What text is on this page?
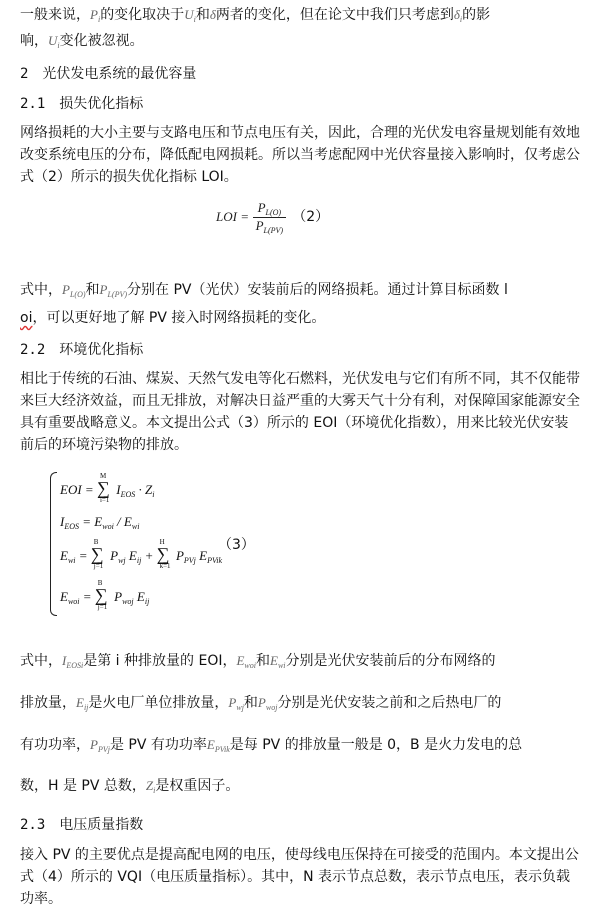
一般来说，$P_i$的变化取决于$U_i$和δ两者的变化，但在论文中我们只考虑到$\delta_i$的影
响，$U_i$变化被忽视。
2　光伏发电系统的最优容量
2.1　损失优化指标

网络损耗的大小主要与支路电压和节点电压有关，因此，合理的光伏发电容量规划能有效地改变系统电压的分布，降低配电网损耗。所以当考虑配网中光伏容量接入影响时，仅考虑公式（2）所示的损失优化指标 LOI。

LOI = $\frac{P_{L(O)}}{P_{L(PV)}} (2)$
式中，$P_{L(O)}$和$P_{L(PV)}$分别在 PV（光伏）安装前后的网络损耗。通过计算目标函数 l
oi，可以更好地了解 PV 接入时网络损耗的变化。
2.2　环境优化指标

相比于传统的石油、煤炭、天然气发电等化石燃料，光伏发电与它们有所不同，其不仅能带来巨大经济效益，而且无排放，对解决日益严重的大雾天气十分有利，对保障国家能源安全具有重要战略意义。本文提出公式（3）所示的 EOI（环境优化指数），用来比较光伏安装前后的环境污染物的排放。

EOI = ∑
M
i=1
$I_{EOS} \cdot Z_i$
$I_{EOS} = E_{woi} / E_{wi}$
$E_{wi}$ = ∑
B
j=1
$P_{wj}$ $E_{ij}$ + ∑
H
k=1
$P_{PVj}$ $E_{PVik}$
$E_{woi}$ = ∑
B
j=1
$P_{woj}$ $E_{ij}$
（3）
式中，$I_{EOSi}$是第 i 种排放量的 EOI，$E_{woi}$和$E_{wi}$分别是光伏安装前后的分布网络的
排放量，$E_{ij}$是火电厂单位排放量，$P_{wj}$和$P_{woj}$分别是光伏安装之前和之后热电厂的
有功功率，$P_{PVj}$是 PV 有功功率$E_{PVik}$是每 PV 的排放量一般是 0，B 是火力发电的总
数，H 是 PV 总数，$Z_i$是权重因子。
2.3　电压质量指数

接入 PV 的主要优点是提高配电网的电压，使母线电压保持在可接受的范围内。本文提出公式（4）所示的 VQI（电压质量指标）。其中，N 表示节点总数，表示节点电压，表示负载功率。
